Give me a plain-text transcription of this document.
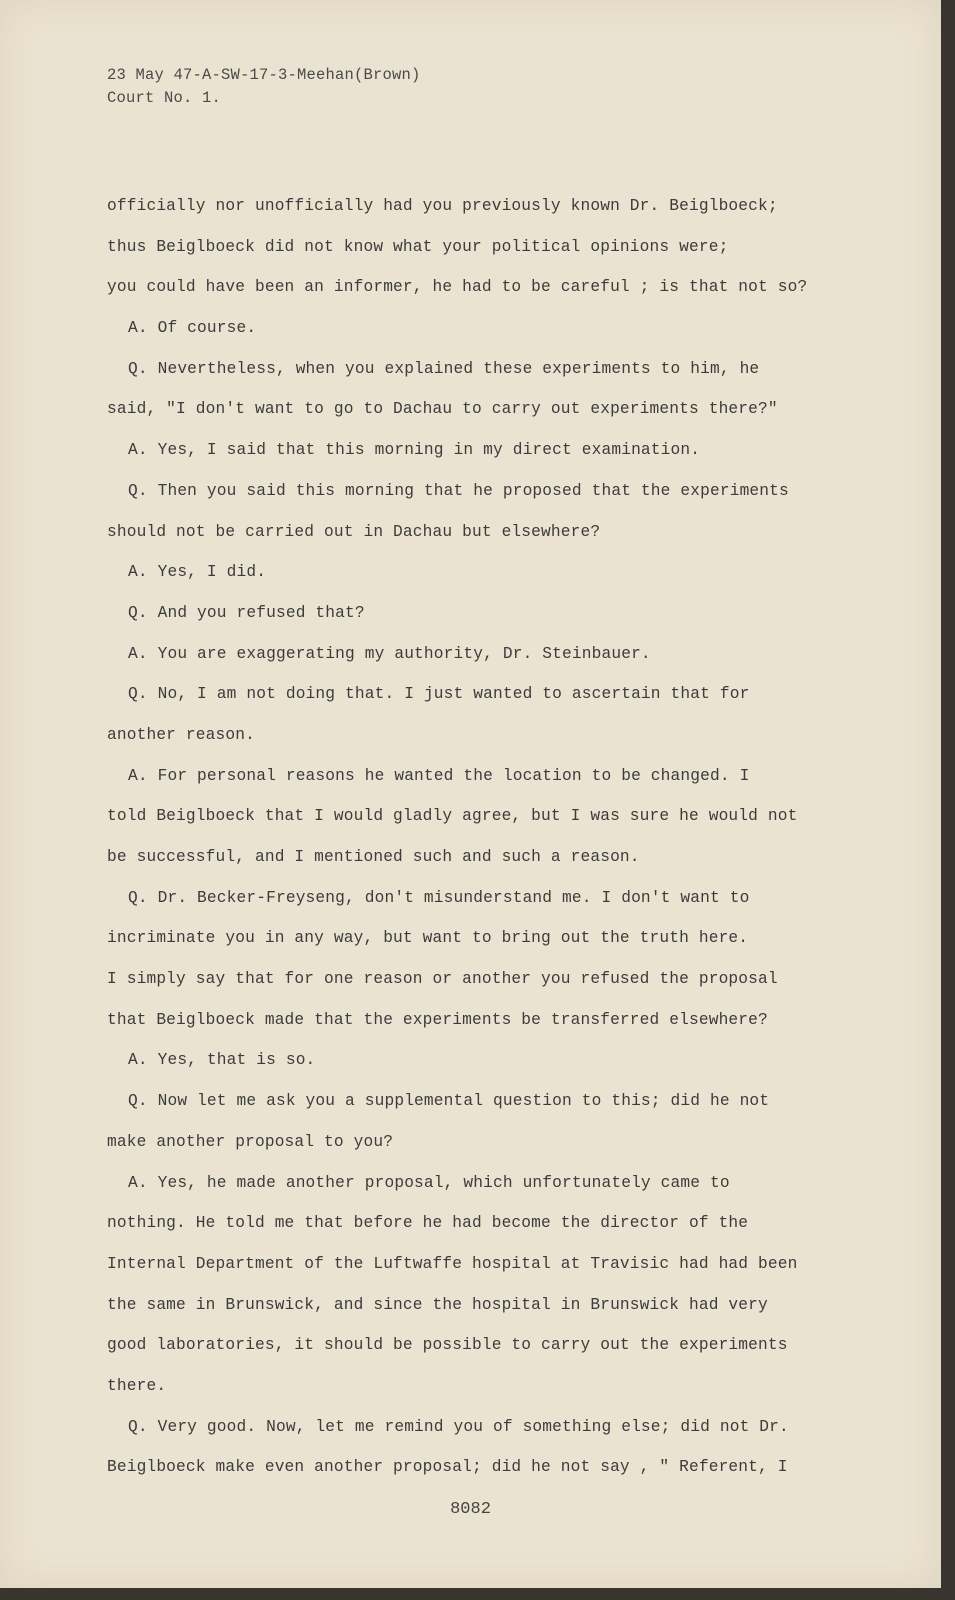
23 May 47-A-SW-17-3-Meehan(Brown)
Court No. 1.
officially nor unofficially had you previously known Dr. Beiglboeck;
thus Beiglboeck did not know what your political opinions were;
you could have been an informer, he had to be careful ; is that not so?
A. Of course.
Q. Nevertheless, when you explained these experiments to him, he
said, "I don't want to go to Dachau to carry out experiments there?"
A. Yes, I said that this morning in my direct examination.
Q. Then you said this morning that he proposed that the experiments
should not be carried out in Dachau but elsewhere?
A. Yes, I did.
Q. And you refused that?
A. You are exaggerating my authority, Dr. Steinbauer.
Q. No, I am not doing that. I just wanted to ascertain that for
another reason.
A. For personal reasons he wanted the location to be changed. I
told Beiglboeck that I would gladly agree, but I was sure he would not
be successful, and I mentioned such and such a reason.
Q. Dr. Becker-Freyseng, don't misunderstand me. I don't want to
incriminate you in any way, but want to bring out the truth here.
I simply say that for one reason or another you refused the proposal
that Beiglboeck made that the experiments be transferred elsewhere?
A. Yes, that is so.
Q. Now let me ask you a supplemental question to this; did he not
make another proposal to you?
A. Yes, he made another proposal, which unfortunately came to
nothing. He told me that before he had become the director of the
Internal Department of the Luftwaffe hospital at Travisic had had been
the same in Brunswick, and since the hospital in Brunswick had very
good laboratories, it should be possible to carry out the experiments
there.
Q. Very good. Now, let me remind you of something else; did not Dr.
Beiglboeck make even another proposal; did he not say , " Referent, I
8082
